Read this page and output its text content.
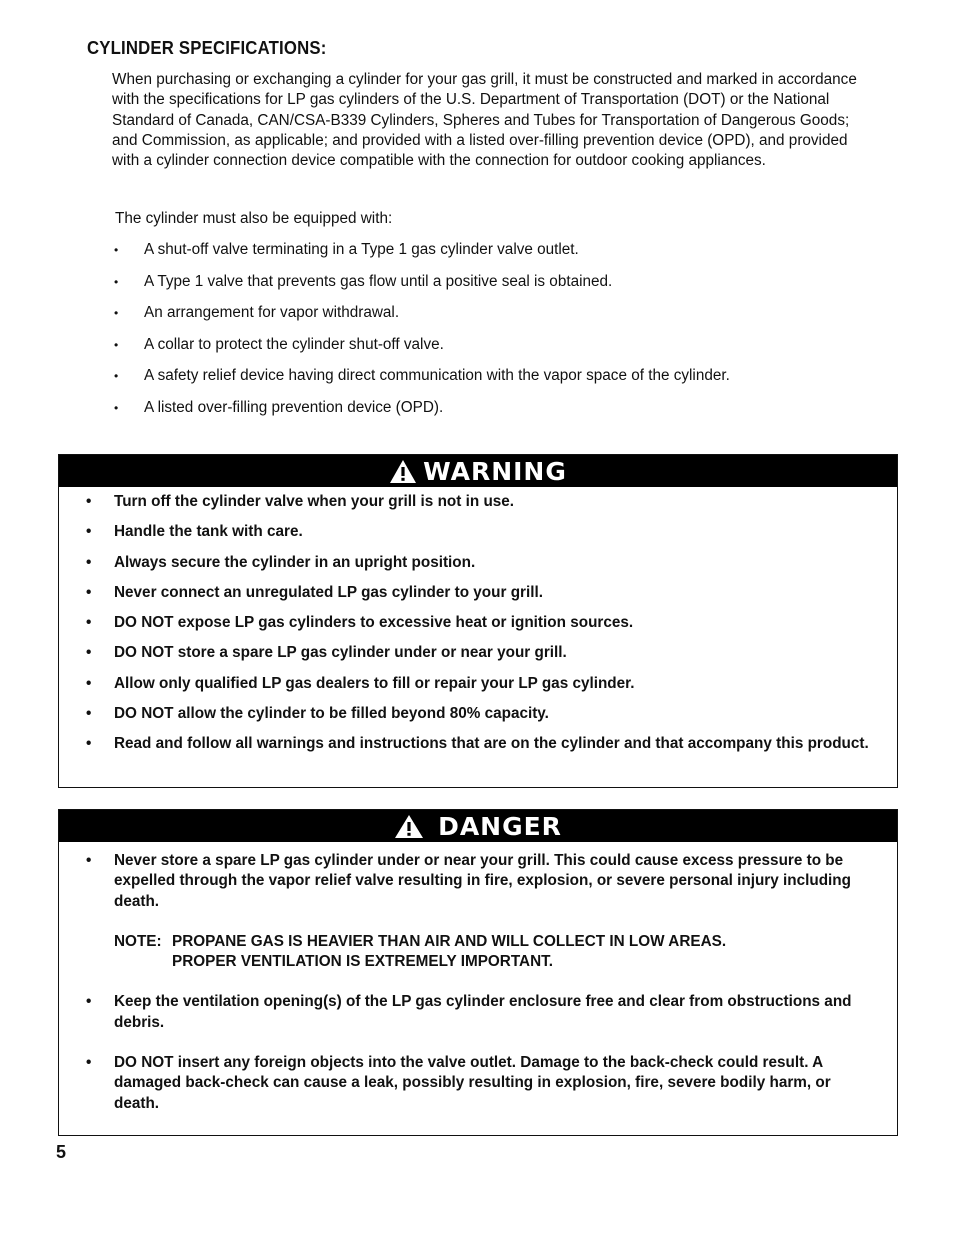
CYLINDER SPECIFICATIONS:

When purchasing or exchanging a cylinder for your gas grill, it must be constructed and marked in accordance with the specifications for LP gas cylinders of the U.S. Department of Transportation (DOT) or the National Standard of Canada, CAN/CSA-B339 Cylinders, Spheres and Tubes for Transportation of Dangerous Goods; and Commission, as applicable; and provided with a listed over-filling prevention device (OPD), and provided with a cylinder connection device compatible with the connection for outdoor cooking appliances.

The cylinder must also be equipped with:

• A shut-off valve terminating in a Type 1 gas cylinder valve outlet.
• A Type 1 valve that prevents gas flow until a positive seal is obtained.
• An arrangement for vapor withdrawal.
• A collar to protect the cylinder shut-off valve.
• A safety relief device having direct communication with the vapor space of the cylinder.
• A listed over-filling prevention device (OPD).
WARNING
• Turn off the cylinder valve when your grill is not in use.
• Handle the tank with care.
• Always secure the cylinder in an upright position.
• Never connect an unregulated LP gas cylinder to your grill.
• DO NOT expose LP gas cylinders to excessive heat or ignition sources.
• DO NOT store a spare LP gas cylinder under or near your grill.
• Allow only qualified LP gas dealers to fill or repair your LP gas cylinder.
• DO NOT allow the cylinder to be filled beyond 80% capacity.
• Read and follow all warnings and instructions that are on the cylinder and that accompany this product.
DANGER
• Never store a spare LP gas cylinder under or near your grill. This could cause excess pressure to be expelled through the vapor relief valve resulting in fire, explosion, or severe personal injury including death.
NOTE: PROPANE GAS IS HEAVIER THAN AIR AND WILL COLLECT IN LOW AREAS.
PROPER VENTILATION IS EXTREMELY IMPORTANT.
• Keep the ventilation opening(s) of the LP gas cylinder enclosure free and clear from obstructions and debris.
• DO NOT insert any foreign objects into the valve outlet. Damage to the back-check could result. A damaged back-check can cause a leak, possibly resulting in explosion, fire, severe bodily harm, or death.
5
